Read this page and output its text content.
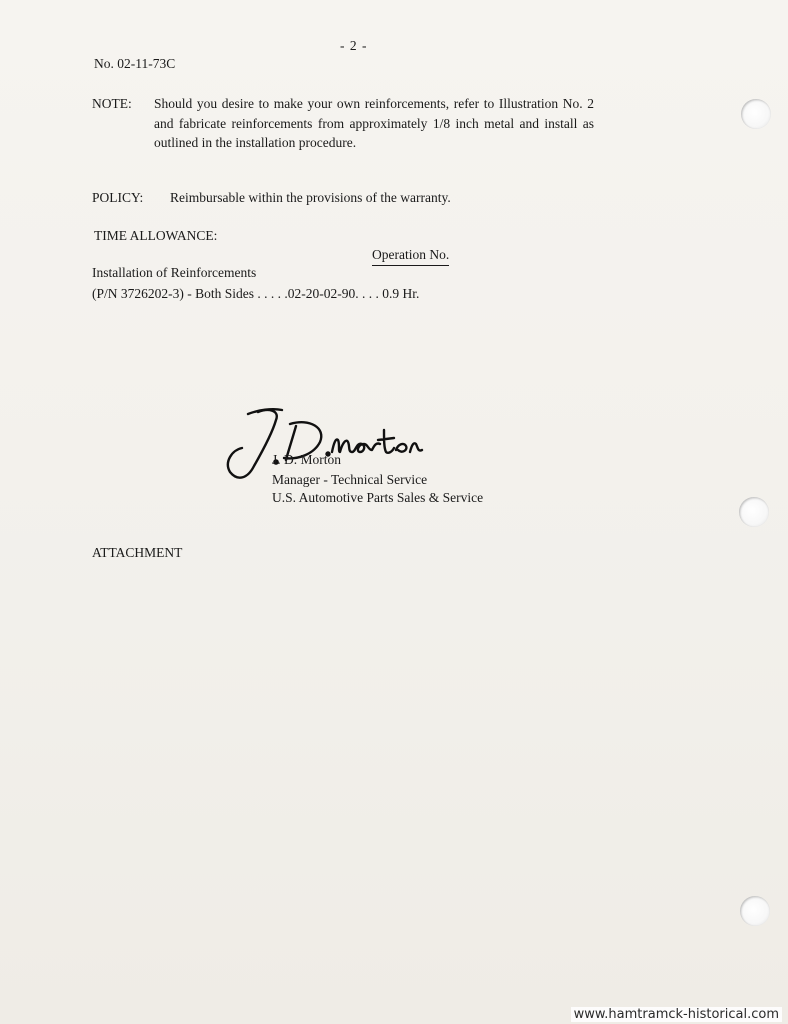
- 2 -
No. 02-11-73C
NOTE: Should you desire to make your own reinforcements, refer to Illustration No. 2 and fabricate reinforcements from approximately 1/8 inch metal and install as outlined in the installation procedure.
POLICY: Reimbursable within the provisions of the warranty.
TIME ALLOWANCE:
Operation No.
Installation of Reinforcements
(P/N 3726202-3) - Both Sides . . . . .02-20-02-90. . . . 0.9 Hr.
J. D. Morton
Manager - Technical Service
U.S. Automotive Parts Sales & Service
ATTACHMENT
www.hamtramck-historical.com
